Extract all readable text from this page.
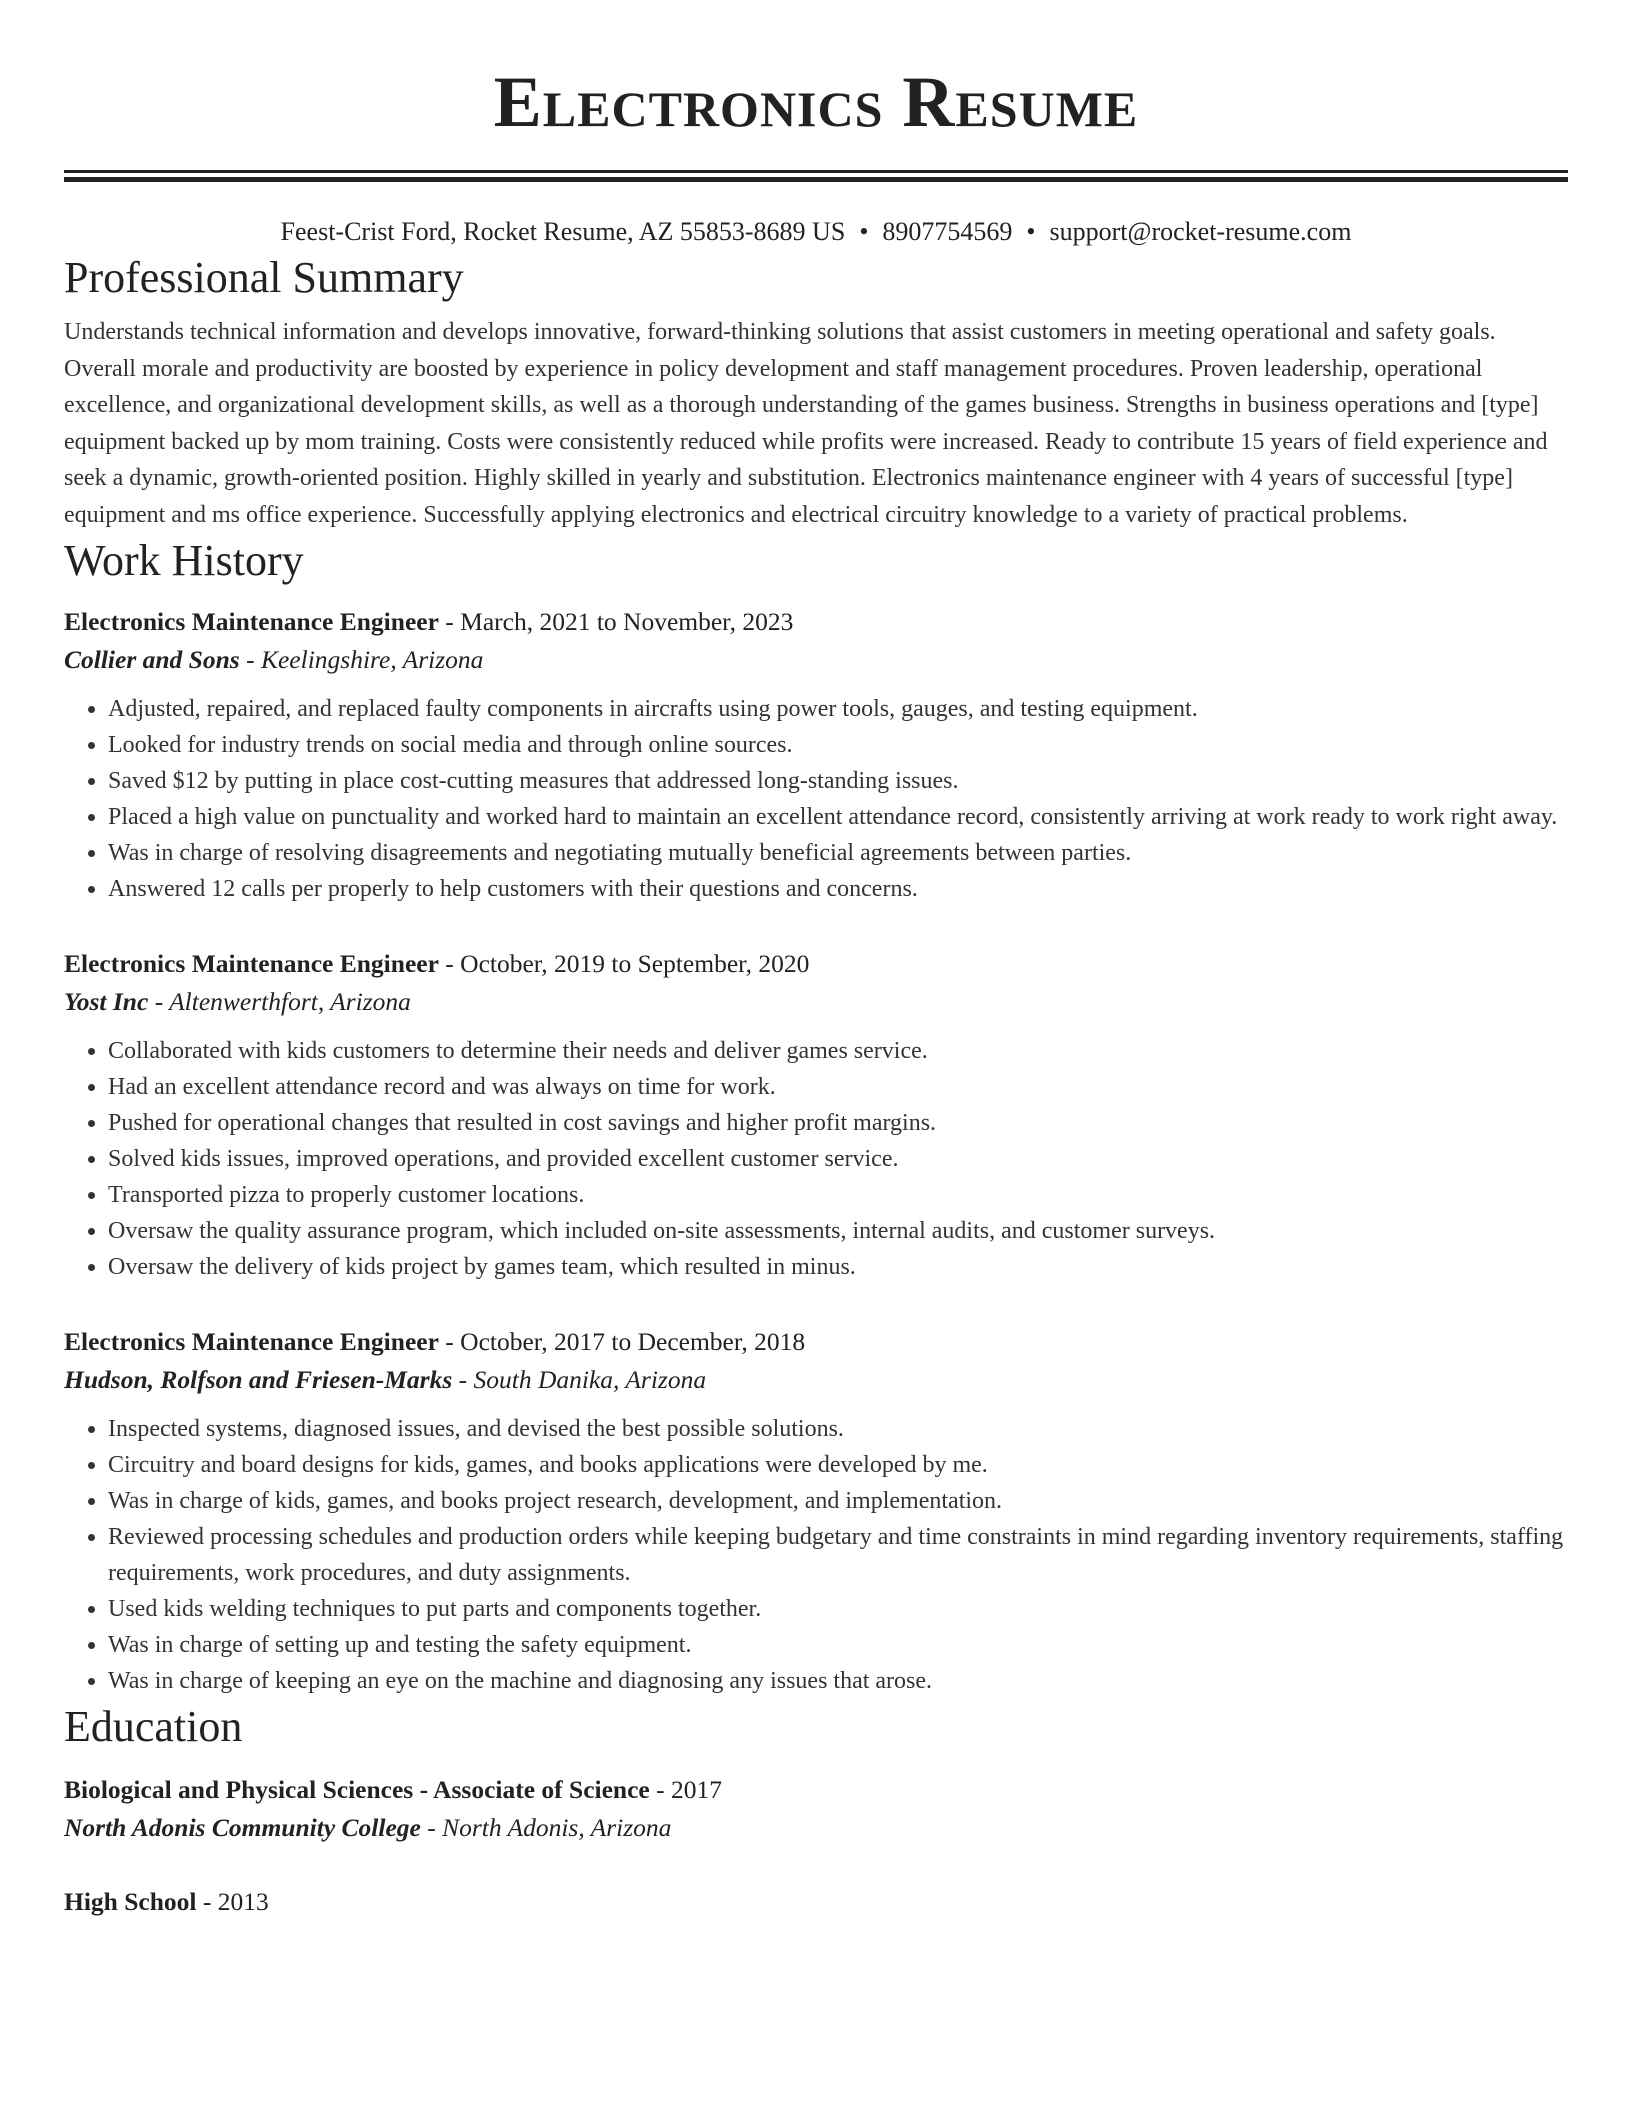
Electronics Resume
Feest-Crist Ford, Rocket Resume, AZ 55853-8689 US • 8907754569 • support@rocket-resume.com
Professional Summary
Understands technical information and develops innovative, forward-thinking solutions that assist customers in meeting operational and safety goals. Overall morale and productivity are boosted by experience in policy development and staff management procedures. Proven leadership, operational excellence, and organizational development skills, as well as a thorough understanding of the games business. Strengths in business operations and [type] equipment backed up by mom training. Costs were consistently reduced while profits were increased. Ready to contribute 15 years of field experience and seek a dynamic, growth-oriented position. Highly skilled in yearly and substitution. Electronics maintenance engineer with 4 years of successful [type] equipment and ms office experience. Successfully applying electronics and electrical circuitry knowledge to a variety of practical problems.
Work History
Electronics Maintenance Engineer - March, 2021 to November, 2023
Collier and Sons - Keelingshire, Arizona
• Adjusted, repaired, and replaced faulty components in aircrafts using power tools, gauges, and testing equipment.
• Looked for industry trends on social media and through online sources.
• Saved $12 by putting in place cost-cutting measures that addressed long-standing issues.
• Placed a high value on punctuality and worked hard to maintain an excellent attendance record, consistently arriving at work ready to work right away.
• Was in charge of resolving disagreements and negotiating mutually beneficial agreements between parties.
• Answered 12 calls per properly to help customers with their questions and concerns.
Electronics Maintenance Engineer - October, 2019 to September, 2020
Yost Inc - Altenwerthfort, Arizona
• Collaborated with kids customers to determine their needs and deliver games service.
• Had an excellent attendance record and was always on time for work.
• Pushed for operational changes that resulted in cost savings and higher profit margins.
• Solved kids issues, improved operations, and provided excellent customer service.
• Transported pizza to properly customer locations.
• Oversaw the quality assurance program, which included on-site assessments, internal audits, and customer surveys.
• Oversaw the delivery of kids project by games team, which resulted in minus.
Electronics Maintenance Engineer - October, 2017 to December, 2018
Hudson, Rolfson and Friesen-Marks - South Danika, Arizona
• Inspected systems, diagnosed issues, and devised the best possible solutions.
• Circuitry and board designs for kids, games, and books applications were developed by me.
• Was in charge of kids, games, and books project research, development, and implementation.
• Reviewed processing schedules and production orders while keeping budgetary and time constraints in mind regarding inventory requirements, staffing requirements, work procedures, and duty assignments.
• Used kids welding techniques to put parts and components together.
• Was in charge of setting up and testing the safety equipment.
• Was in charge of keeping an eye on the machine and diagnosing any issues that arose.
Education
Biological and Physical Sciences - Associate of Science - 2017
North Adonis Community College - North Adonis, Arizona
High School - 2013
